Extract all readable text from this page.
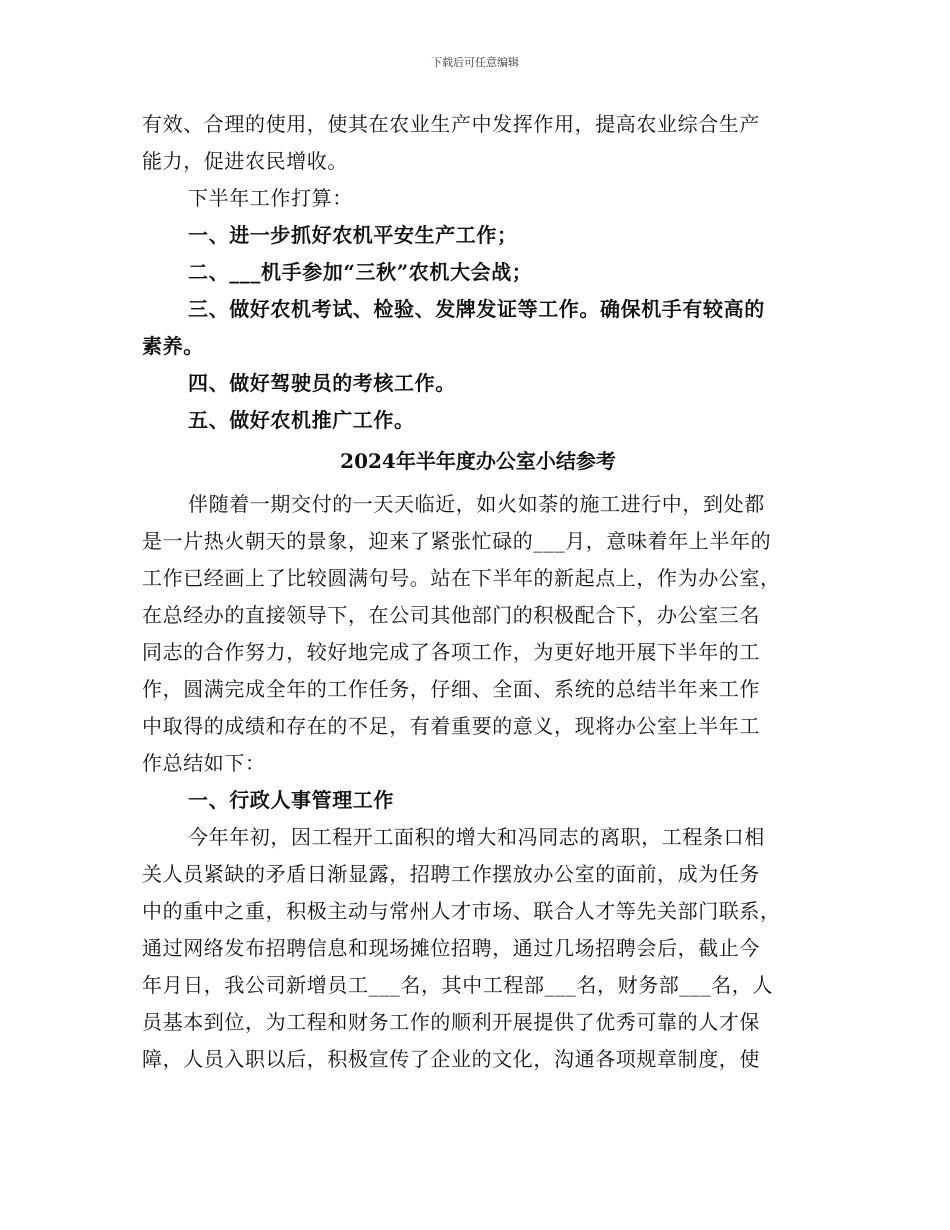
下载后可任意编辑
有效、合理的使用，使其在农业生产中发挥作用，提高农业综合生产
能力，促进农民增收。
下半年工作打算：
一、进一步抓好农机平安生产工作；
二、___机手参加“三秋”农机大会战；
三、做好农机考试、检验、发牌发证等工作。确保机手有较高的
素养。
四、做好驾驶员的考核工作。
五、做好农机推广工作。
2024年半年度办公室小结参考
伴随着一期交付的一天天临近，如火如荼的施工进行中，到处都
是一片热火朝天的景象，迎来了紧张忙碌的___月，意味着年上半年的
工作已经画上了比较圆满句号。站在下半年的新起点上，作为办公室，
在总经办的直接领导下，在公司其他部门的积极配合下，办公室三名
同志的合作努力，较好地完成了各项工作，为更好地开展下半年的工
作，圆满完成全年的工作任务，仔细、全面、系统的总结半年来工作
中取得的成绩和存在的不足，有着重要的意义，现将办公室上半年工
作总结如下：
一、行政人事管理工作
今年年初，因工程开工面积的增大和冯同志的离职，工程条口相
关人员紧缺的矛盾日渐显露，招聘工作摆放办公室的面前，成为任务
中的重中之重，积极主动与常州人才市场、联合人才等先关部门联系，
通过网络发布招聘信息和现场摊位招聘，通过几场招聘会后，截止今
年月日，我公司新增员工___名，其中工程部___名，财务部___名，人
员基本到位，为工程和财务工作的顺利开展提供了优秀可靠的人才保
障，人员入职以后，积极宣传了企业的文化，沟通各项规章制度，使
